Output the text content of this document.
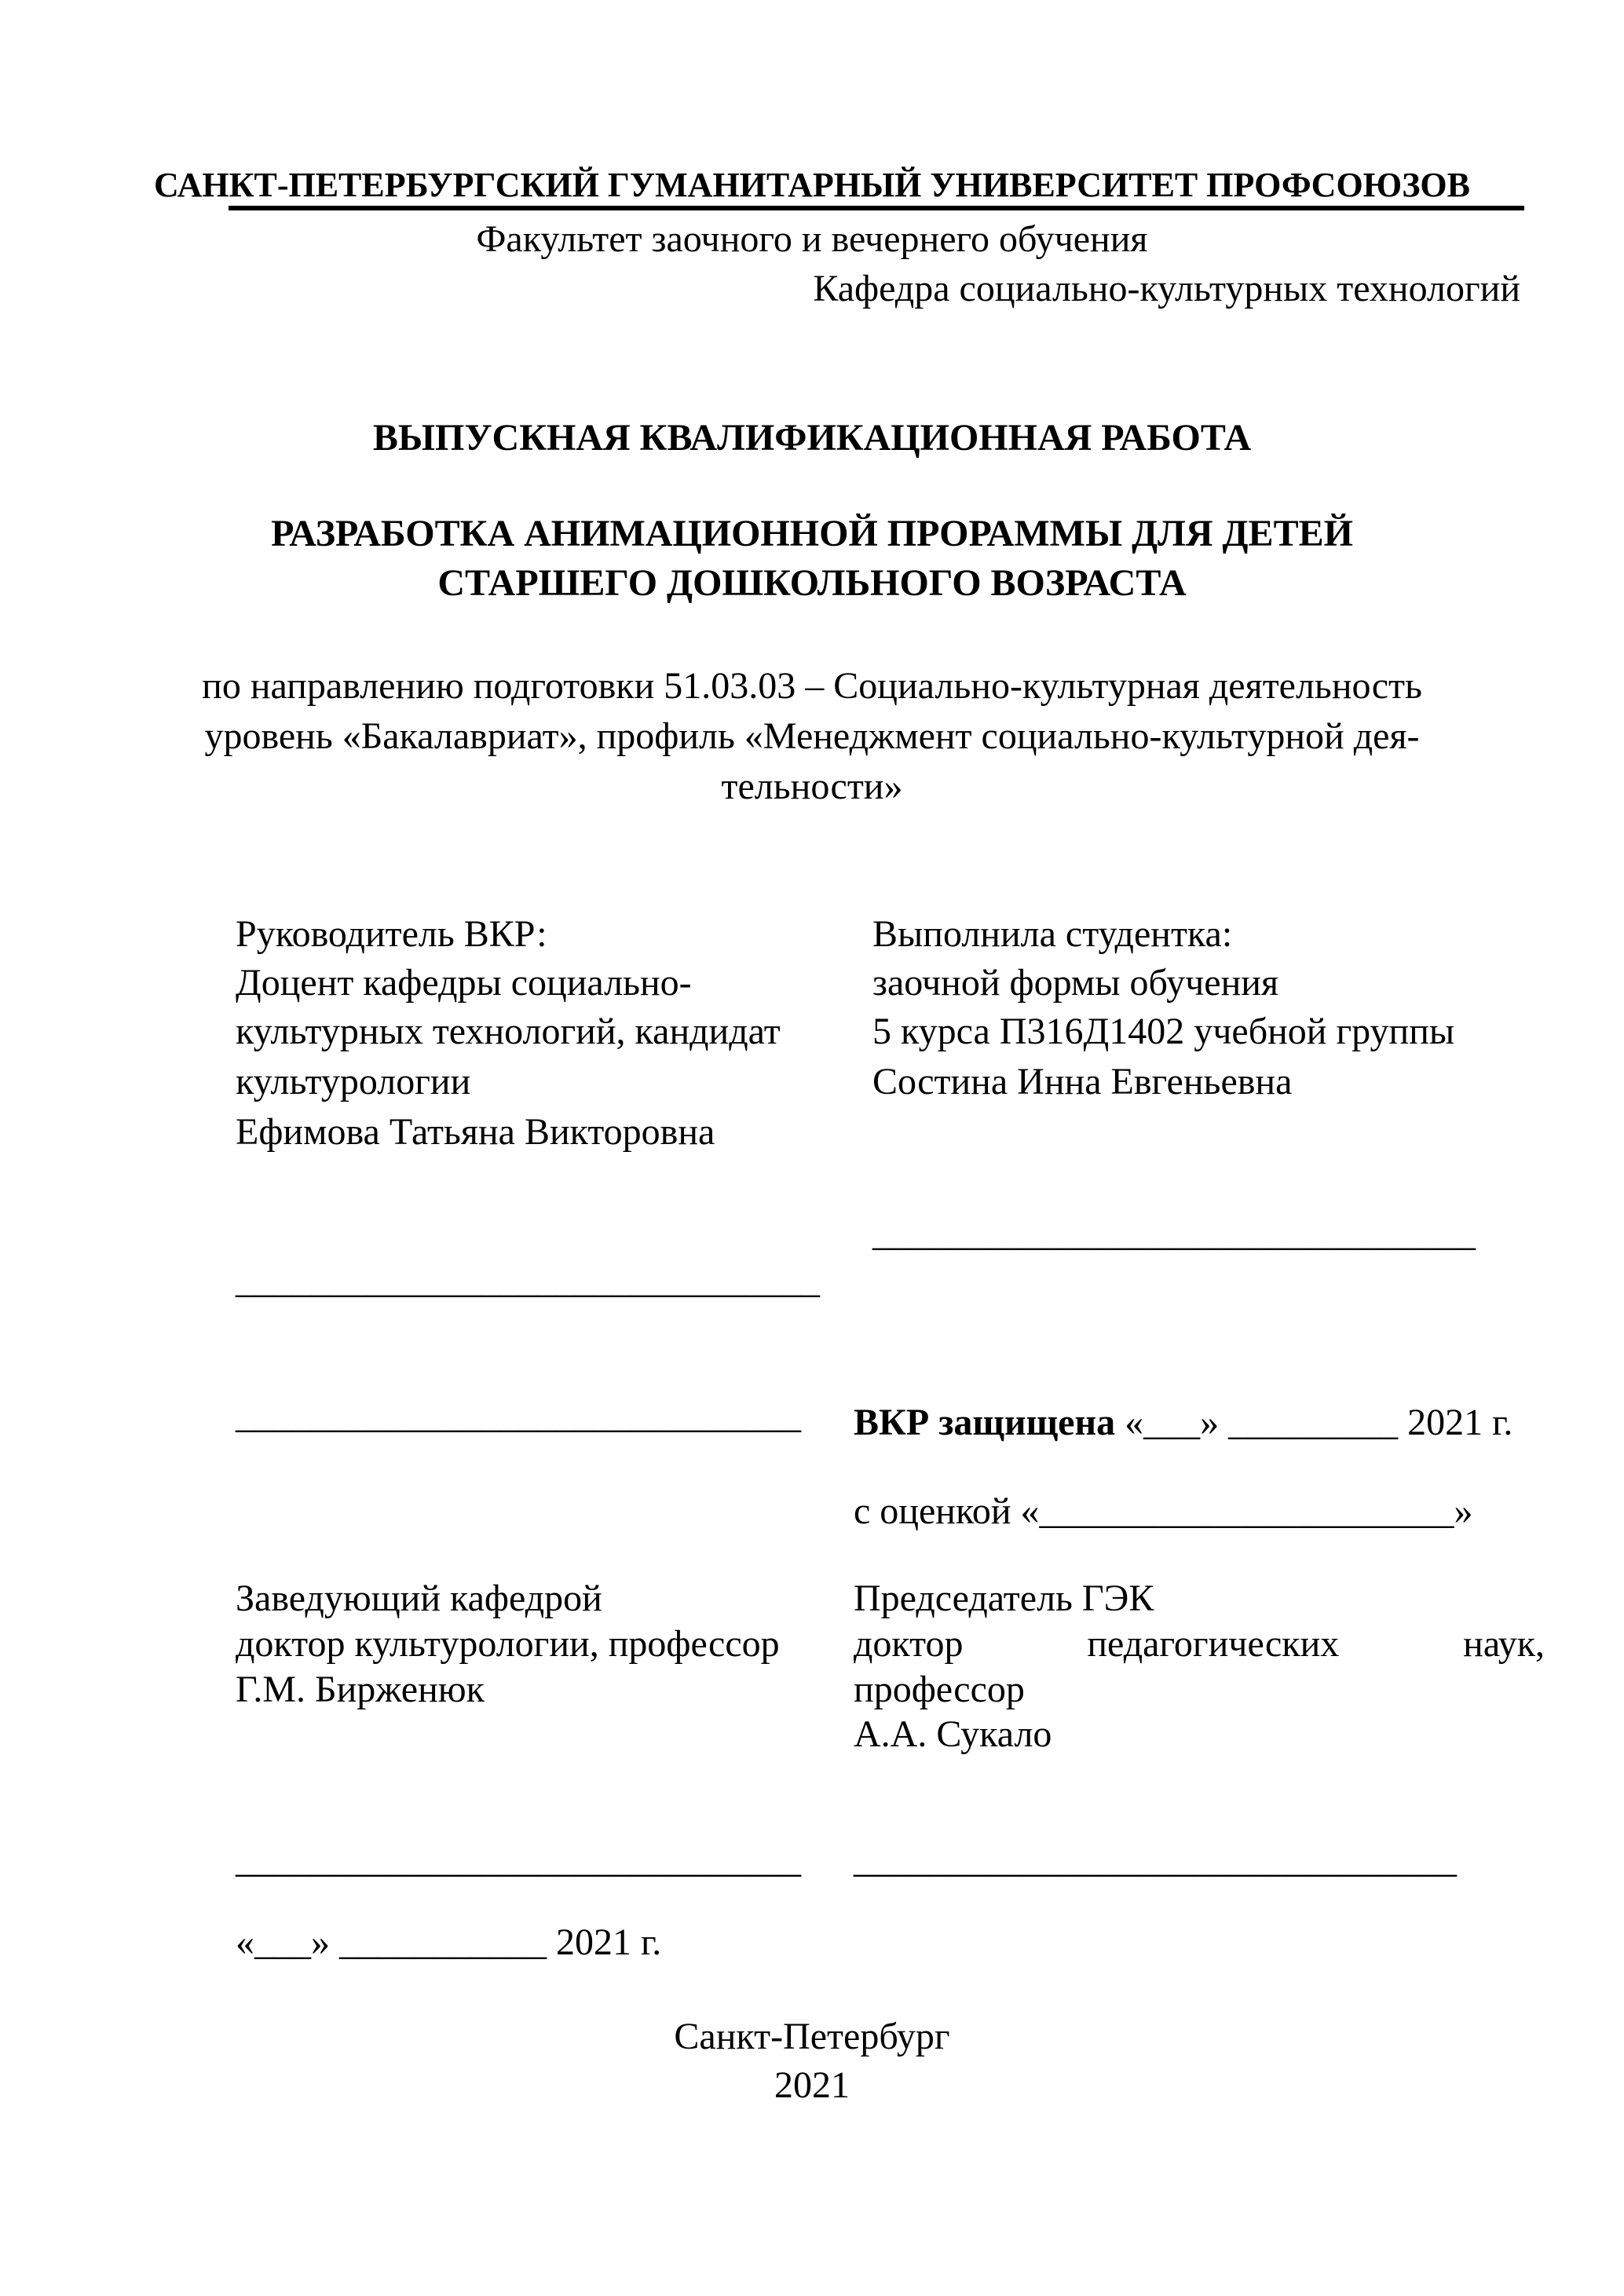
САНКТ-ПЕТЕРБУРГСКИЙ ГУМАНИТАРНЫЙ УНИВЕРСИТЕТ ПРОФСОЮЗОВ
Факультет заочного и вечернего обучения
Кафедра социально-культурных технологий
ВЫПУСКНАЯ КВАЛИФИКАЦИОННАЯ РАБОТА
РАЗРАБОТКА АНИМАЦИОННОЙ ПРОРАММЫ ДЛЯ ДЕТЕЙ
СТАРШЕГО ДОШКОЛЬНОГО ВОЗРАСТА
по направлению подготовки 51.03.03 – Социально-культурная деятельность
уровень «Бакалавриат», профиль «Менеджмент социально-культурной дея-
тельности»
Руководитель ВКР:
Доцент кафедры социально-
культурных технологий, кандидат
культурологии
Ефимова Татьяна Викторовна
_______________________________
Выполнила студентка:
заочной формы обучения
5 курса П316Д1402 учебной группы
Состина Инна Евгеньевна
________________________________
______________________________ ВКР защищена «___» _________ 2021 г.
с оценкой «______________________»
Заведующий кафедрой
доктор культурологии, профессор
Г.М. Бирженюк
______________________________
«___» ___________ 2021 г.
Председатель ГЭК
доктор	педагогических	наук,
профессор
А.А. Сукало
________________________________
Санкт-Петербург
2021
